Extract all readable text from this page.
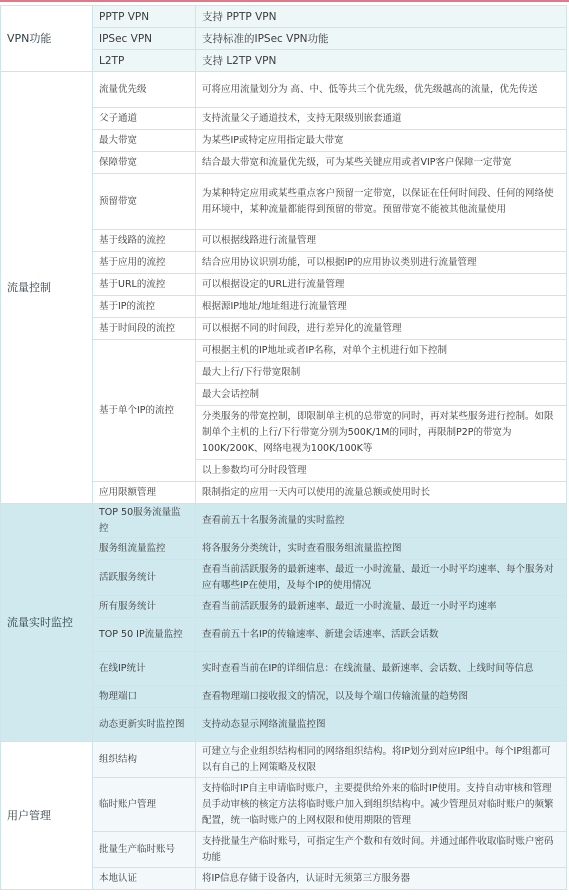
VPN功能	PPTP VPN	支持 PPTP VPN
	IPSec VPN	支持标准的IPSec VPN功能
	L2TP	支持 L2TP VPN
流量控制	流量优先级	可将应用流量划分为 高、中、低等共三个优先级，优先级越高的流量，优先传送
	父子通道	支持流量父子通道技术，支持无限级别嵌套通道
	最大带宽	为某些IP或特定应用指定最大带宽
	保障带宽	结合最大带宽和流量优先级，可为某些关键应用或者VIP客户保障一定带宽
	预留带宽	为某种特定应用或某些重点客户预留一定带宽，以保证在任何时间段、任何的网络使用环境中，某种流量都能得到预留的带宽。预留带宽不能被其他流量使用
	基于线路的流控	可以根据线路进行流量管理
	基于应用的流控	结合应用协议识别功能，可以根据IP的应用协议类别进行流量管理
	基于URL的流控	可以根据设定的URL进行流量管理
	基于IP的流控	根据源IP地址/地址组进行流量管理
	基于时间段的流控	可以根据不同的时间段，进行差异化的流量管理
	基于单个IP的流控	可根据主机的IP地址或者IP名称，对单个主机进行如下控制
		最大上行/下行带宽限制
		最大会话控制
		分类服务的带宽控制，即限制单主机的总带宽的同时，再对某些服务进行控制。如限制单个主机的上行/下行带宽分别为500K/1M的同时，再限制P2P的带宽为100K/200K、网络电视为100K/100K等
		以上参数均可分时段管理
	应用限额管理	限制指定的应用一天内可以使用的流量总额或使用时长
流量实时监控	TOP 50服务流量监控	查看前五十名服务流量的实时监控
	服务组流量监控	将各服务分类统计，实时查看服务组流量监控图
	活跃服务统计	查看当前活跃服务的最新速率、最近一小时流量、最近一小时平均速率、每个服务对应有哪些IP在使用，及每个IP的使用情况
	所有服务统计	查看当前活跃服务的最新速率、最近一小时流量、最近一小时平均速率
	TOP 50 IP流量监控	查看前五十名IP的传输速率、新建会话速率、活跃会话数
	在线IP统计	实时查看当前在IP的详细信息：在线流量、最新速率、会话数、上线时间等信息
	物理端口	查看物理端口接收报文的情况，以及每个端口传输流量的趋势图
	动态更新实时监控图	支持动态显示网络流量监控图
用户管理	组织结构	可建立与企业组织结构相同的网络组织结构。将IP划分到对应IP组中。每个IP组都可以有自己的上网策略及权限
	临时账户管理	支持临时IP自主申请临时账户，主要提供给外来的临时IP使用。支持自动审核和管理员手动审核的核定方法将临时账户加入到组织结构中。减少管理员对临时账户的频繁配置，统一临时账户的上网权限和使用期限的管理
	批量生产临时账号	支持批量生产临时账号，可指定生产个数和有效时间。并通过邮件收取临时账户密码功能
	本地认证	将IP信息存储于设备内，认证时无须第三方服务器
